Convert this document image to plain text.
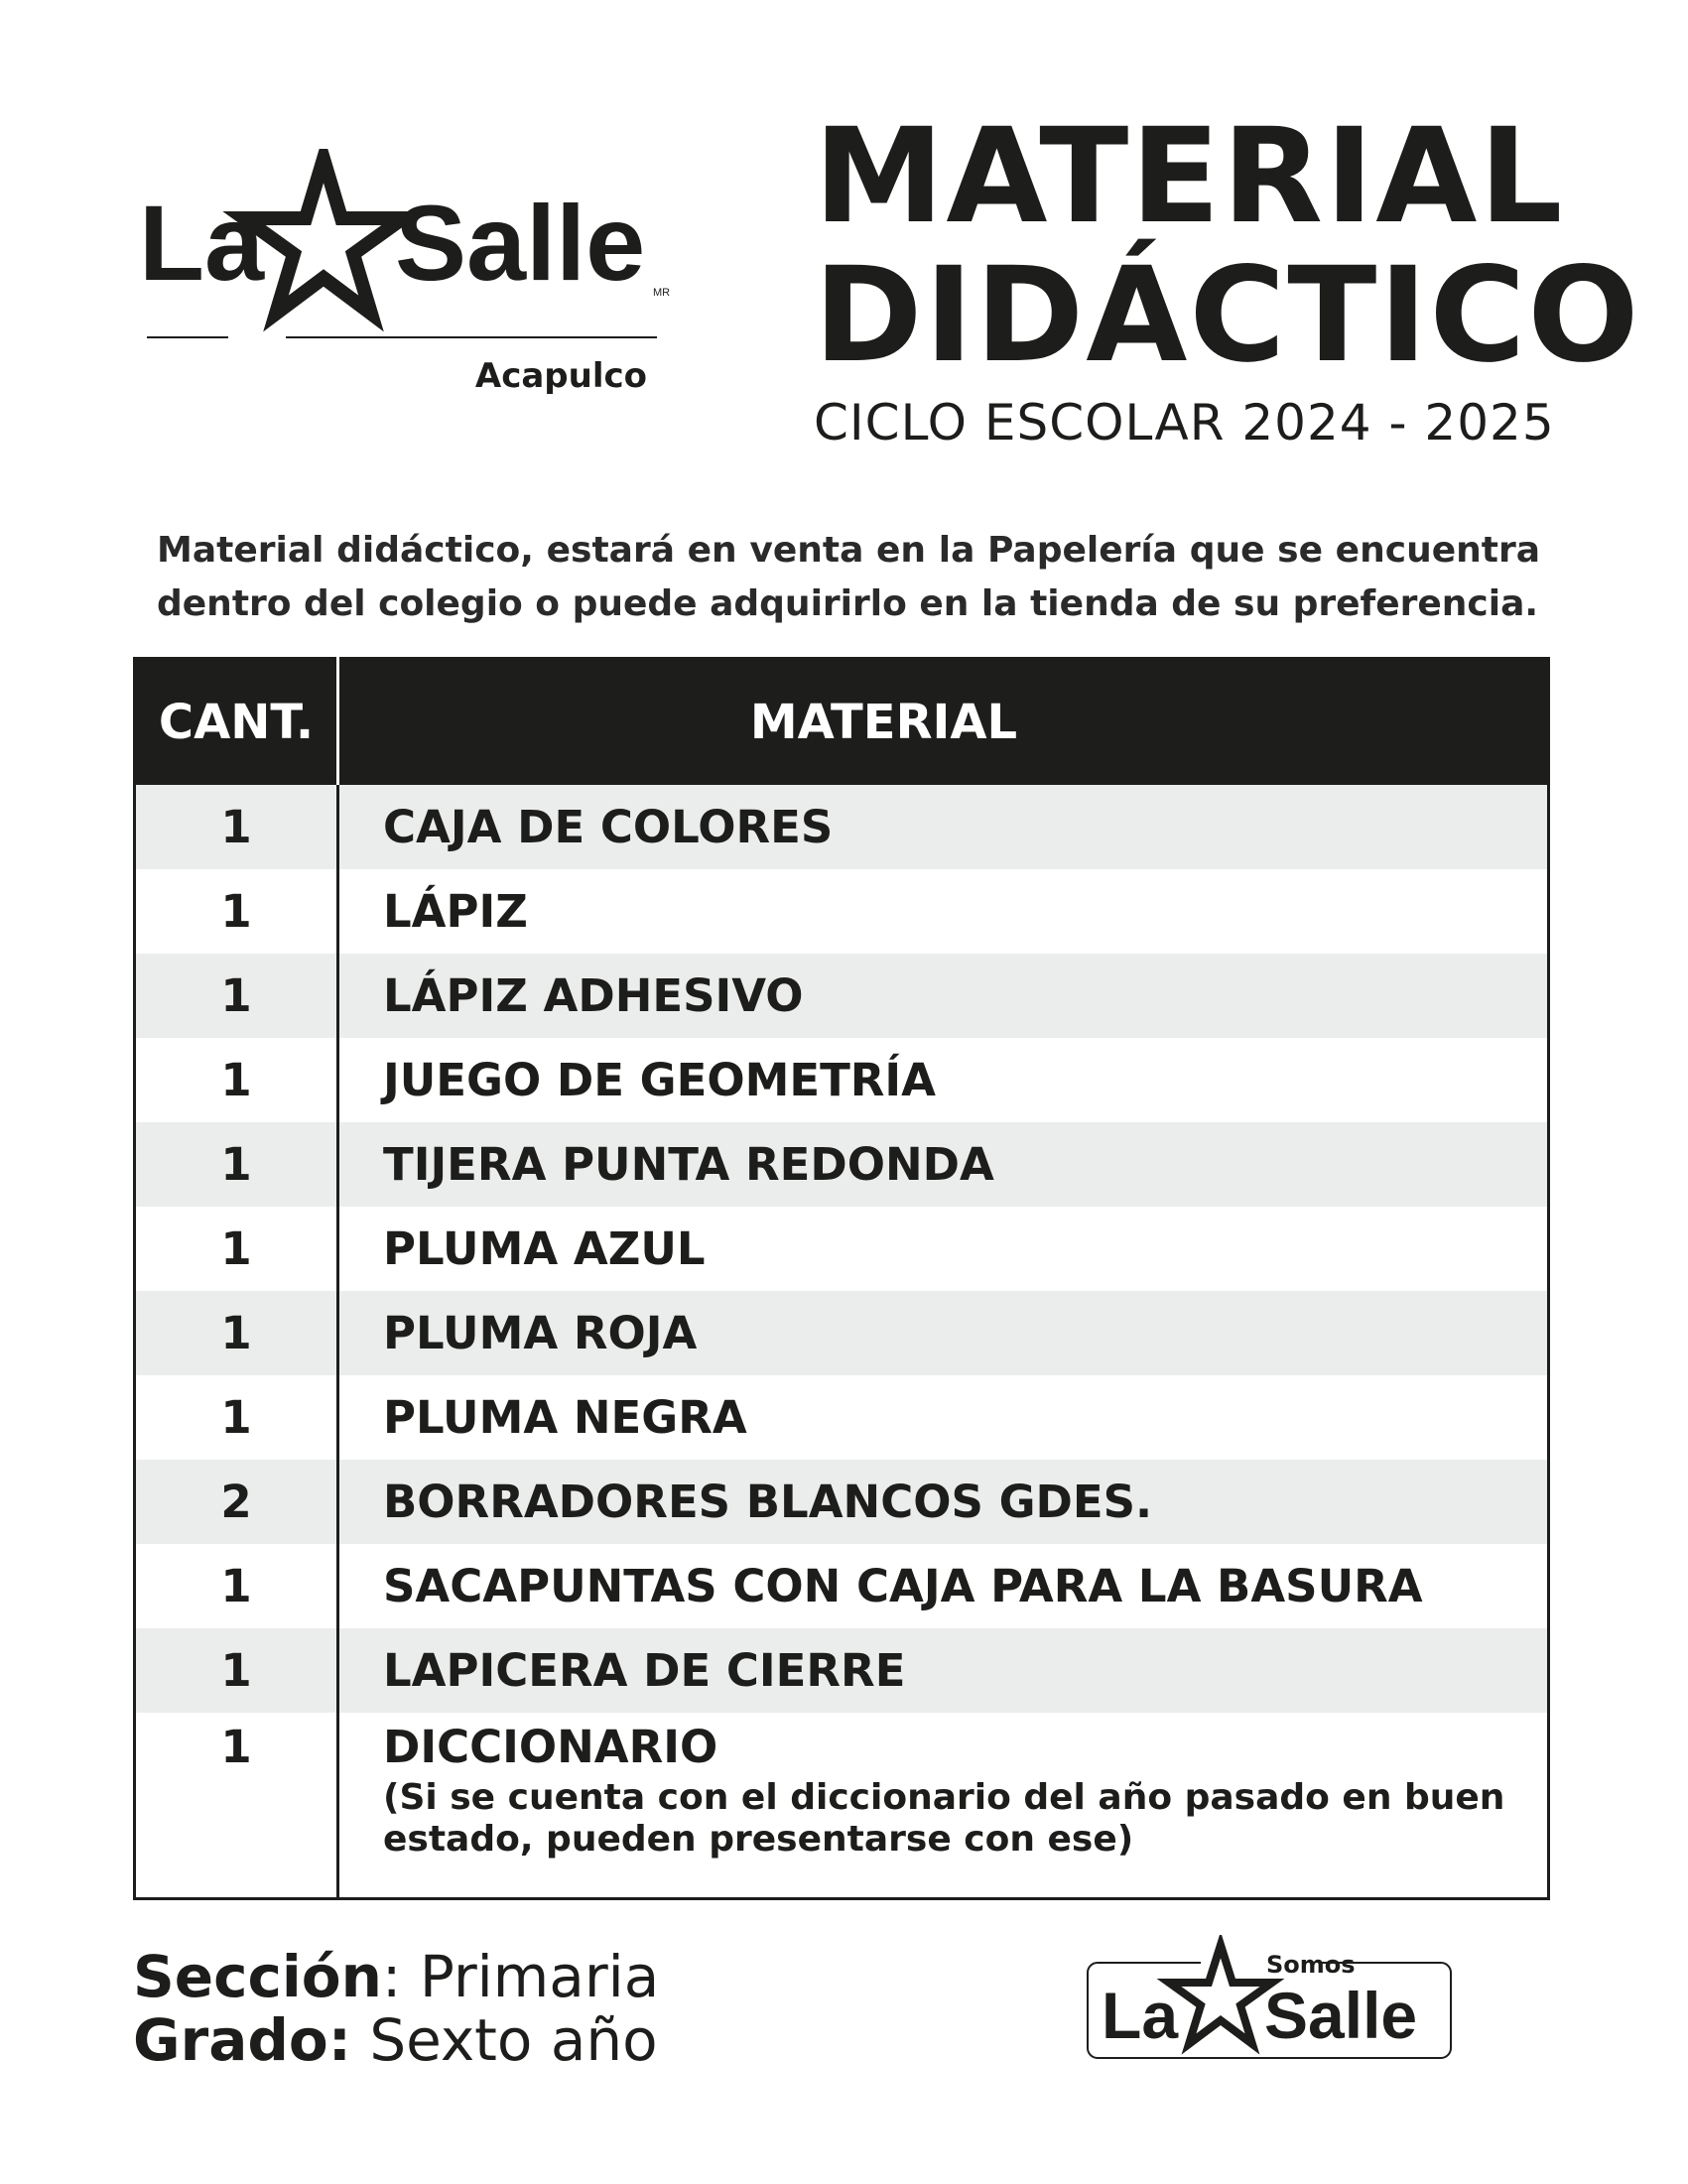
La Salle MR
Acapulco
MATERIAL
DIDÁCTICO
CICLO ESCOLAR 2024 - 2025

Material didáctico, estará en venta en la Papelería que se encuentra dentro del colegio o puede adquirirlo en la tienda de su preferencia.

CANT.	MATERIAL
1	CAJA DE COLORES
1	LÁPIZ
1	LÁPIZ ADHESIVO
1	JUEGO DE GEOMETRÍA
1	TIJERA PUNTA REDONDA
1	PLUMA AZUL
1	PLUMA ROJA
1	PLUMA NEGRA
2	BORRADORES BLANCOS GDES.
1	SACAPUNTAS CON CAJA PARA LA BASURA
1	LAPICERA DE CIERRE
1	DICCIONARIO
(Si se cuenta con el diccionario del año pasado en buen estado, pueden presentarse con ese)
Sección: Primaria
Grado: Sexto año
Somos
La Salle
